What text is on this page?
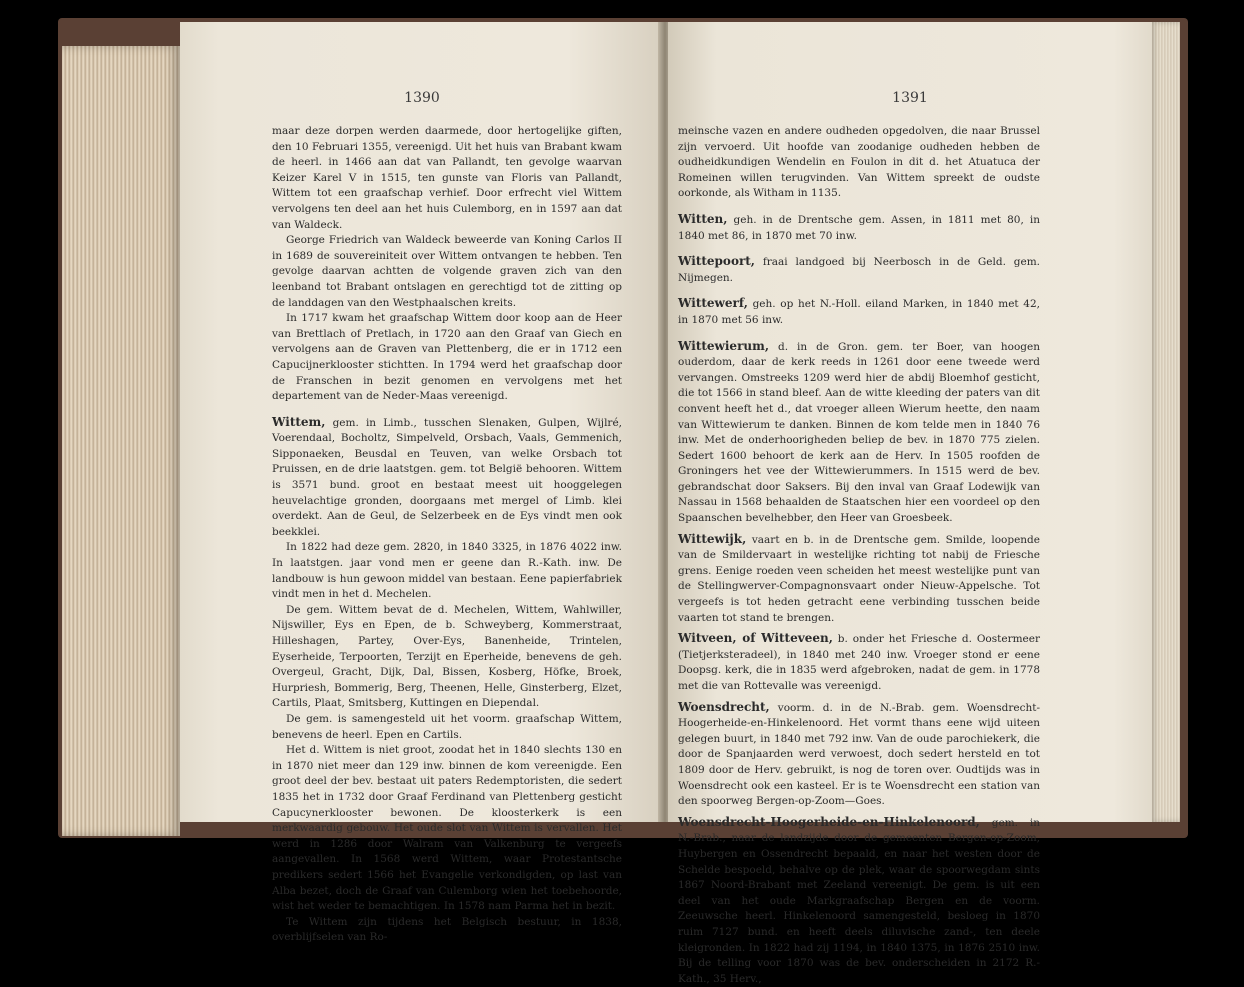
1390

maar deze dorpen werden daarmede, door hertogelijke giften, den 10 Februari 1355, vereenigd. Uit het huis van Brabant kwam de heerl. in 1466 aan dat van Pallandt, ten gevolge waarvan Keizer Karel V in 1515, ten gunste van Floris van Pallandt, Wittem tot een graafschap verhief. Door erfrecht viel Wittem vervolgens ten deel aan het huis Culemborg, en in 1597 aan dat van Waldeck.

George Friedrich van Waldeck beweerde van Koning Carlos II in 1689 de souvereiniteit over Wittem ontvangen te hebben. Ten gevolge daarvan achtten de volgende graven zich van den leenband tot Brabant ontslagen en gerechtigd tot de zitting op de landdagen van den Westphaalschen kreits.

In 1717 kwam het graafschap Wittem door koop aan de Heer van Brettlach of Pretlach, in 1720 aan den Graaf van Giech en vervolgens aan de Graven van Plettenberg, die er in 1712 een Capucijnerklooster stichtten. In 1794 werd het graafschap door de Franschen in bezit genomen en vervolgens met het departement van de Neder-Maas vereenigd.

Wittem, gem. in Limb., tusschen Slenaken, Gulpen, Wijlré, Voerendaal, Bocholtz, Simpelveld, Orsbach, Vaals, Gemmenich, Sipponaeken, Beusdal en Teuven, van welke Orsbach tot Pruissen, en de drie laatstgen. gem. tot België behooren. Wittem is 3571 bund. groot en bestaat meest uit hooggelegen heuvelachtige gronden, doorgaans met mergel of Limb. klei overdekt. Aan de Geul, de Selzerbeek en de Eys vindt men ook beekklei.

In 1822 had deze gem. 2820, in 1840 3325, in 1876 4022 inw. In laatstgen. jaar vond men er geene dan R.-Kath. inw. De landbouw is hun gewoon middel van bestaan. Eene papierfabriek vindt men in het d. Mechelen.

De gem. Wittem bevat de d. Mechelen, Wittem, Wahlwiller, Nijswiller, Eys en Epen, de b. Schweyberg, Kommerstraat, Hilleshagen, Partey, Over-Eys, Banenheide, Trintelen, Eyserheide, Terpoorten, Terzijt en Eperheide, benevens de geh. Overgeul, Gracht, Dijk, Dal, Bissen, Kosberg, Höfke, Broek, Hurpriesh, Bommerig, Berg, Theenen, Helle, Ginsterberg, Elzet, Cartils, Plaat, Smitsberg, Kuttingen en Diependal.

De gem. is samengesteld uit het voorm. graafschap Wittem, benevens de heerl. Epen en Cartils.

Het d. Wittem is niet groot, zoodat het in 1840 slechts 130 en in 1870 niet meer dan 129 inw. binnen de kom vereenigde. Een groot deel der bev. bestaat uit paters Redemptoristen, die sedert 1835 het in 1732 door Graaf Ferdinand van Plettenberg gesticht Capucynerklooster bewonen. De kloosterkerk is een merkwaardig gebouw. Het oude slot van Wittem is vervallen. Het werd in 1286 door Walram van Valkenburg te vergeefs aangevallen. In 1568 werd Wittem, waar Protestantsche predikers sedert 1566 het Evangelie verkondigden, op last van Alba bezet, doch de Graaf van Culemborg wien het toebehoorde, wist het weder te bemachtigen. In 1578 nam Parma het in bezit.

Te Wittem zijn tijdens het Belgisch bestuur, in 1838, overblijfselen van Ro-

1391

meinsche vazen en andere oudheden opgedolven, die naar Brussel zijn vervoerd. Uit hoofde van zoodanige oudheden hebben de oudheidkundigen Wendelin en Foulon in dit d. het Atuatuca der Romeinen willen terugvinden. Van Wittem spreekt de oudste oorkonde, als Witham in 1135.

Witten, geh. in de Drentsche gem. Assen, in 1811 met 80, in 1840 met 86, in 1870 met 70 inw.

Wittepoort, fraai landgoed bij Neerbosch in de Geld. gem. Nijmegen.

Wittewerf, geh. op het N.-Holl. eiland Marken, in 1840 met 42, in 1870 met 56 inw.

Wittewierum, d. in de Gron. gem. ter Boer, van hoogen ouderdom, daar de kerk reeds in 1261 door eene tweede werd vervangen. Omstreeks 1209 werd hier de abdij Bloemhof gesticht, die tot 1566 in stand bleef. Aan de witte kleeding der paters van dit convent heeft het d., dat vroeger alleen Wierum heette, den naam van Wittewierum te danken. Binnen de kom telde men in 1840 76 inw. Met de onderhoorigheden beliep de bev. in 1870 775 zielen. Sedert 1600 behoort de kerk aan de Herv. In 1505 roofden de Groningers het vee der Wittewierummers. In 1515 werd de bev. gebrandschat door Saksers. Bij den inval van Graaf Lodewijk van Nassau in 1568 behaalden de Staatschen hier een voordeel op den Spaanschen bevelhebber, den Heer van Groesbeek.

Wittewijk, vaart en b. in de Drentsche gem. Smilde, loopende van de Smildervaart in westelijke richting tot nabij de Friesche grens. Eenige roeden veen scheiden het meest westelijke punt van de Stellingwerver-Compagnonsvaart onder Nieuw-Appelsche. Tot vergeefs is tot heden getracht eene verbinding tusschen beide vaarten tot stand te brengen.

Witveen, of Witteveen, b. onder het Friesche d. Oostermeer (Tietjerksteradeel), in 1840 met 240 inw. Vroeger stond er eene Doopsg. kerk, die in 1835 werd afgebroken, nadat de gem. in 1778 met die van Rottevalle was vereenigd.

Woensdrecht, voorm. d. in de N.-Brab. gem. Woensdrecht-Hoogerheide-en-Hinkelenoord. Het vormt thans eene wijd uiteen gelegen buurt, in 1840 met 792 inw. Van de oude parochiekerk, die door de Spanjaarden werd verwoest, doch sedert hersteld en tot 1809 door de Herv. gebruikt, is nog de toren over. Oudtijds was in Woensdrecht ook een kasteel. Er is te Woensdrecht een station van den spoorweg Bergen-op-Zoom—Goes.

Woensdrecht-Hoogerheide-en-Hinkelenoord, gem. in N.-Brab., naar de landzijde door de gemeenten Bergen-op-Zoom, Huybergen en Ossendrecht bepaald, en naar het westen door de Schelde bespoeld, behalve op de plek, waar de spoorwegdam sints 1867 Noord-Brabant met Zeeland vereenigt. De gem. is uit een deel van het oude Markgraafschap Bergen en de voorm. Zeeuwsche heerl. Hinkelenoord samengesteld, besloeg in 1870 ruim 7127 bund. en heeft deels diluvische zand-, ten deele kleigronden. In 1822 had zij 1194, in 1840 1375, in 1876 2510 inw. Bij de telling voor 1870 was de bev. onderscheiden in 2172 R.-Kath., 35 Herv.,
